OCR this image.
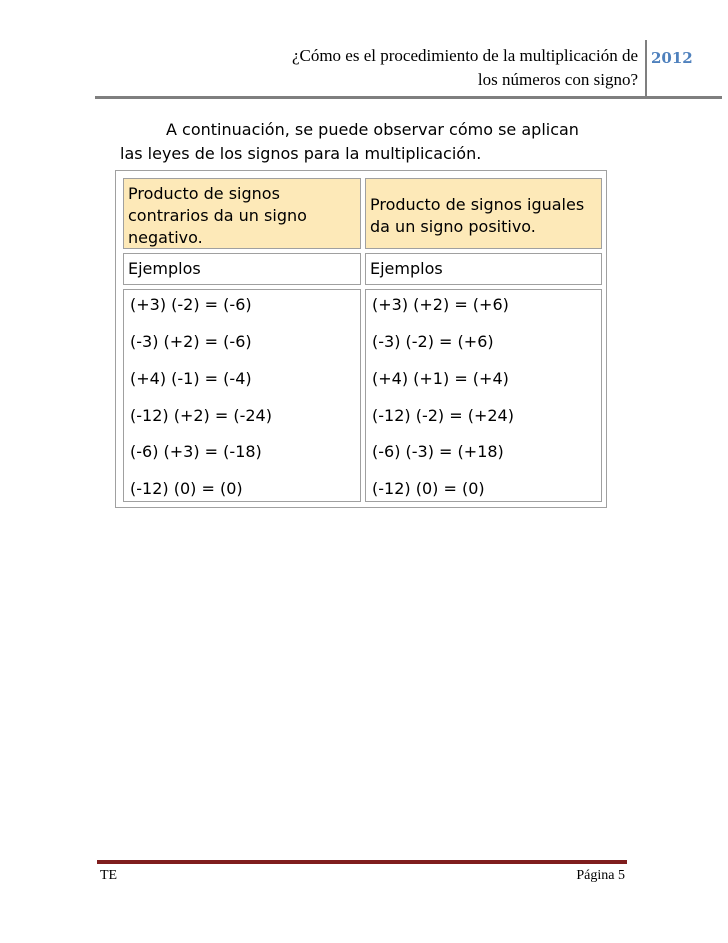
¿Cómo es el procedimiento de la multiplicación de
los números con signo?
2012
A continuación, se puede observar cómo se aplican
las leyes de los signos para la multiplicación.
Producto de signos contrarios da un signo negativo.
Producto de signos iguales da un signo positivo.
Ejemplos	Ejemplos
(+3) (-2) = (-6)
(-3) (+2) = (-6)
(+4) (-1) = (-4)
(-12) (+2) = (-24)
(-6) (+3) = (-18)
(-12) (0) = (0)
(+3) (+2) = (+6)
(-3) (-2) = (+6)
(+4) (+1) = (+4)
(-12) (-2) = (+24)
(-6) (-3) = (+18)
(-12) (0) = (0)
TE	Página 5
